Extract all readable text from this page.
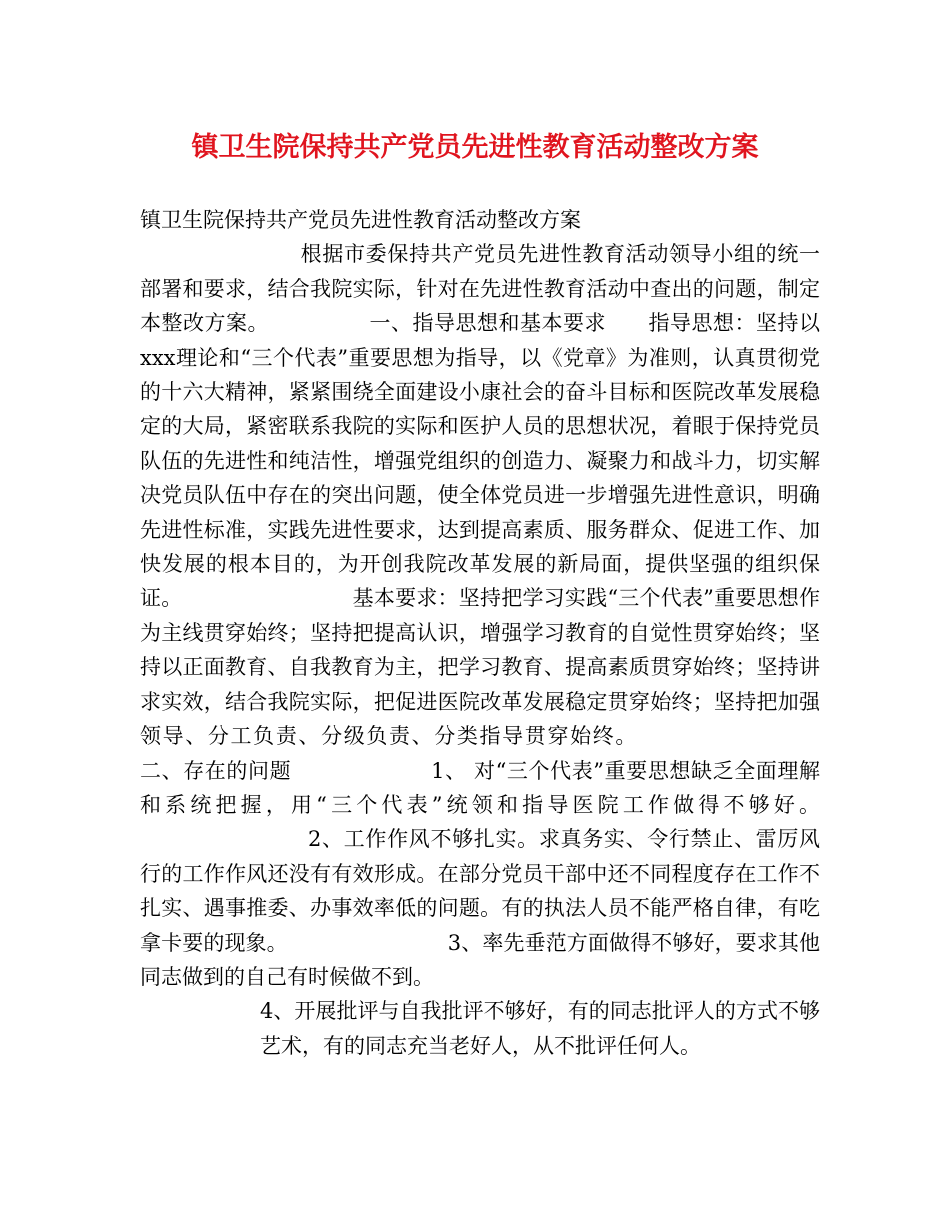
镇卫生院保持共产党员先进性教育活动整改方案

镇卫生院保持共产党员先进性教育活动整改方案
根据市委保持共产党员先进性教育活动领导小组的统一部署和要求，结合我院实际，针对在先进性教育活动中查出的问题，制定本整改方案。	一、指导思想和基本要求 指导思想：坚持以xxx理论和“三个代表”重要思想为指导，以《党章》为准则，认真贯彻党的十六大精神，紧紧围绕全面建设小康社会的奋斗目标和医院改革发展稳定的大局，紧密联系我院的实际和医护人员的思想状况，着眼于保持党员队伍的先进性和纯洁性，增强党组织的创造力、凝聚力和战斗力，切实解决党员队伍中存在的突出问题，使全体党员进一步增强先进性意识，明确先进性标准，实践先进性要求，达到提高素质、服务群众、促进工作、加快发展的根本目的，为开创我院改革发展的新局面，提供坚强的组织保证。	基本要求：坚持把学习实践“三个代表”重要思想作为主线贯穿始终；坚持把提高认识，增强学习教育的自觉性贯穿始终；坚持以正面教育、自我教育为主，把学习教育、提高素质贯穿始终；坚持讲求实效，结合我院实际，把促进医院改革发展稳定贯穿始终；坚持把加强领导、分工负责、分级负责、分类指导贯穿始终。二、存在的问题	1、 对“三个代表”重要思想缺乏全面理解和系统把握，用“三个代表”统领和指导医院工作做得不够好。2、工作作风不够扎实。求真务实、令行禁止、雷厉风行的工作作风还没有有效形成。在部分党员干部中还不同程度存在工作不扎实、遇事推委、办事效率低的问题。有的执法人员不能严格自律，有吃拿卡要的现象。	3、率先垂范方面做得不够好，要求其他同志做到的自己有时候做不到。

4、开展批评与自我批评不够好，有的同志批评人的方式不够艺术，有的同志充当老好人，从不批评任何人。
